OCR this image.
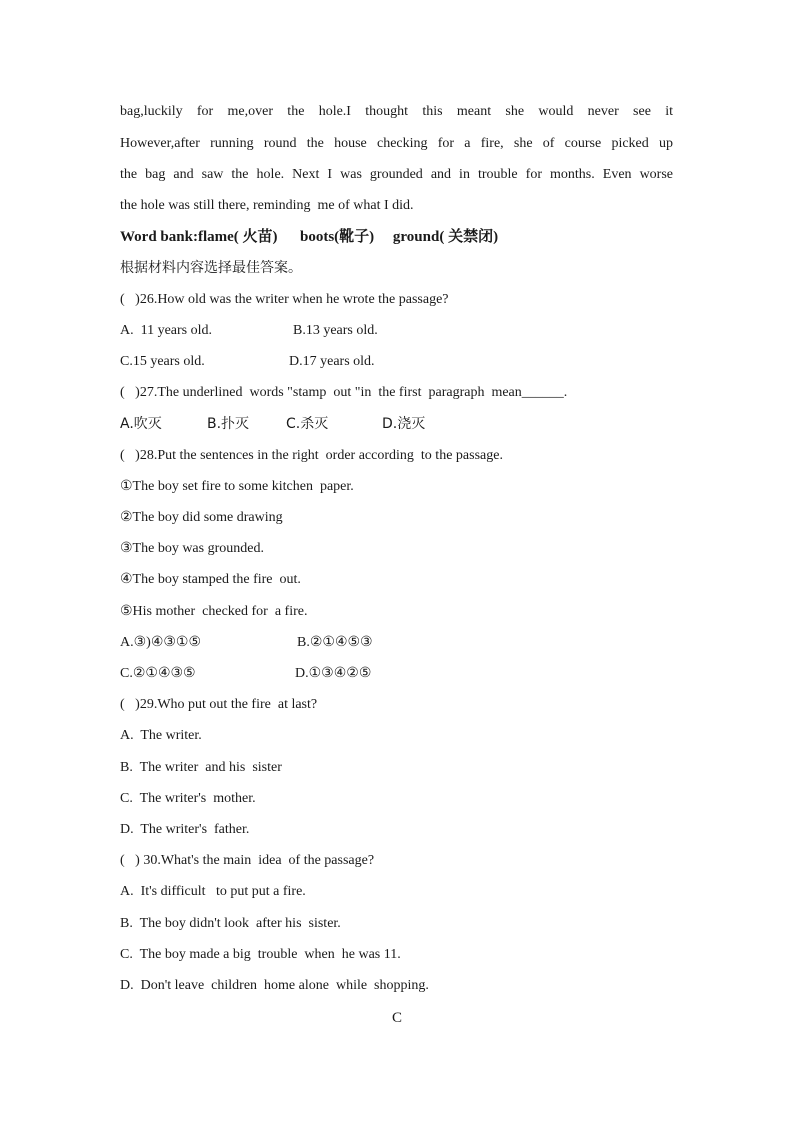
bag,luckily for me,over the hole.I thought this meant she would never see it
However,after running round the house checking for a fire, she of course picked up
the bag and saw the hole. Next I was grounded and in trouble for months. Even worse
the hole was still there, reminding  me of what I did.
Word bank:flame( 火苗)      boots(靴子)     ground( 关禁闭)
根据材料内容选择最佳答案。
(   )26.How old was the writer when he wrote the passage?
A.  11 years old.	B.13 years old.
C.15 years old.	D.17 years old.
(   )27.The underlined  words "stamp  out "in  the first  paragraph  mean______.
A.吹灭	B.扑灭	C.杀灭	D.浇灭
(   )28.Put the sentences in the right  order according  to the passage.
①The boy set fire to some kitchen  paper.
②The boy did some drawing
③The boy was grounded.
④The boy stamped the fire  out.
⑤His mother  checked for  a fire.
A.③)④③①⑤	B.②①④⑤③
C.②①④③⑤	D.①③④②⑤
(   )29.Who put out the fire  at last?
A.  The writer.
B.  The writer  and his  sister
C.  The writer's  mother.
D.  The writer's  father.
(   ) 30.What's the main  idea  of the passage?
A.  It's difficult   to put put a fire.
B.  The boy didn't look  after his  sister.
C.  The boy made a big  trouble  when  he was 11.
D.  Don't leave  children  home alone  while  shopping.
C
